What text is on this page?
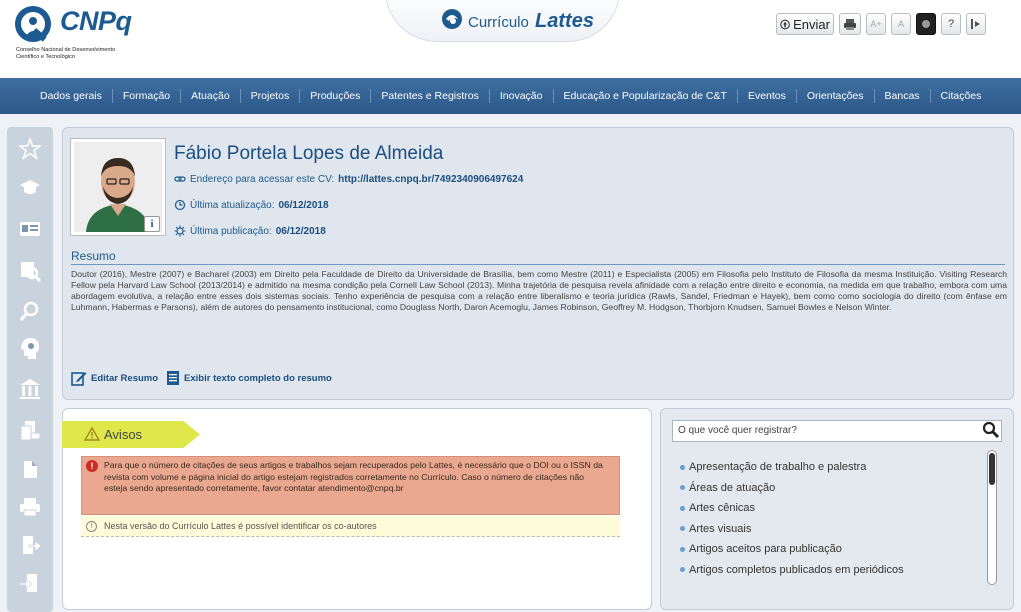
CNPq
Conselho Nacional de Desenvolvimento Científico e Tecnológico
Currículo Lattes	Enviar	A+	A	?
Dados gerais	Formação	Atuação	Projetos	Produções	Patentes e Registros	Inovação	Educação e Popularização de C&T	Eventos	Orientações	Bancas	Citações
i
Fábio Portela Lopes de Almeida
Endereço para acessar este CV: http://lattes.cnpq.br/7492340906497624
Última atualização: 06/12/2018
Última publicação: 06/12/2018
Resumo
Doutor (2016), Mestre (2007) e Bacharel (2003) em Direito pela Faculdade de Direito da Universidade de Brasília, bem como Mestre (2011) e Especialista (2005) em Filosofia pelo Instituto de Filosofia da mesma Instituição. Visiting Research Fellow pela Harvard Law School (2013/2014) e admitido na mesma condição pela Cornell Law School (2013). Minha trajetória de pesquisa revela afinidade com a relação entre direito e economia, na medida em que trabalho, embora com uma abordagem evolutiva, a relação entre esses dois sistemas sociais. Tenho experiência de pesquisa com a relação entre liberalismo e teoria jurídica (Rawls, Sandel, Friedman e Hayek), bem como como sociologia do direito (com ênfase em Luhmann, Habermas e Parsons), além de autores do pensamento institucional, como Douglass North, Daron Acemoglu, James Robinson, Geoffrey M. Hodgson, Thorbjorn Knudsen, Samuel Bowles e Nelson Winter.
Editar Resumo	Exibir texto completo do resumo
Avisos
!	Para que o número de citações de seus artigos e trabalhos sejam recuperados pelo Lattes, é necessário que o DOI ou o ISSN da revista com volume e página inicial do artigo estejam registrados corretamente no Currículo. Caso o número de citações não esteja sendo apresentado corretamente, favor contatar atendimento@cnpq.br
!	Nesta versão do Currículo Lattes é possível identificar os co-autores
O que você quer registrar?
Apresentação de trabalho e palestra
Áreas de atuação
Artes cênicas
Artes visuais
Artigos aceitos para publicação
Artigos completos publicados em periódicos
